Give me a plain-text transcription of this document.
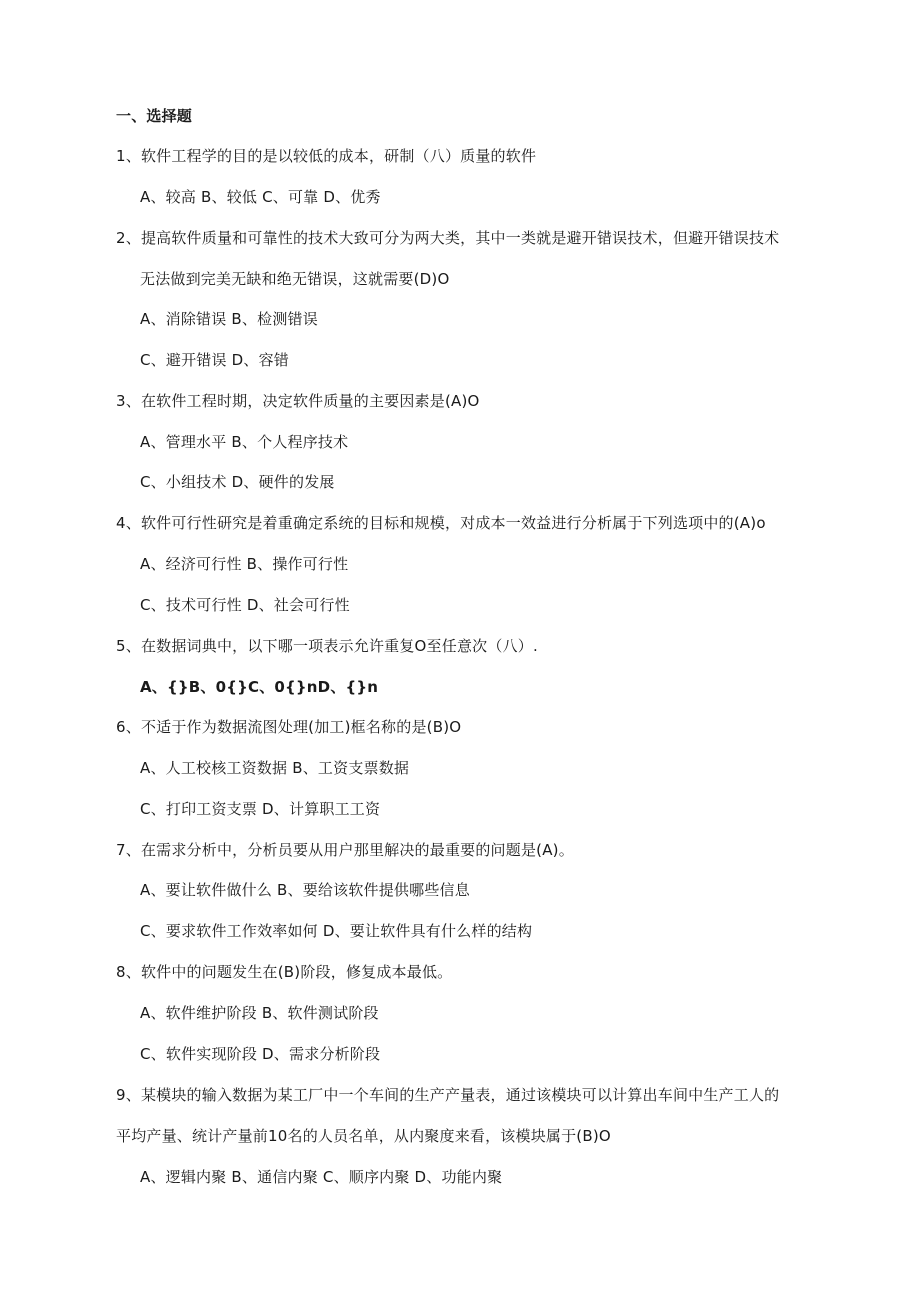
一、选择题
1、软件工程学的目的是以较低的成本，研制（八）质量的软件
A、较高 B、较低 C、可靠 D、优秀
2、提高软件质量和可靠性的技术大致可分为两大类，其中一类就是避开错误技术，但避开错误技术
无法做到完美无缺和绝无错误，这就需要(D)O
A、消除错误 B、检测错误
C、避开错误 D、容错
3、在软件工程时期，决定软件质量的主要因素是(A)O
A、管理水平 B、个人程序技术
C、小组技术 D、硬件的发展
4、软件可行性研究是着重确定系统的目标和规模，对成本一效益进行分析属于下列选项中的(A)o
A、经济可行性 B、操作可行性
C、技术可行性 D、社会可行性
5、在数据词典中，以下哪一项表示允许重复O至任意次（八）.
A、{}B、0{}C、0{}nD、{}n
6、不适于作为数据流图处理(加工)框名称的是(B)O
A、人工校核工资数据 B、工资支票数据
C、打印工资支票 D、计算职工工资
7、在需求分析中，分析员要从用户那里解决的最重要的问题是(A)。
A、要让软件做什么 B、要给该软件提供哪些信息
C、要求软件工作效率如何 D、要让软件具有什么样的结构
8、软件中的问题发生在(B)阶段，修复成本最低。
A、软件维护阶段 B、软件测试阶段
C、软件实现阶段 D、需求分析阶段
9、某模块的输入数据为某工厂中一个车间的生产产量表，通过该模块可以计算出车间中生产工人的
平均产量、统计产量前10名的人员名单，从内聚度来看，该模块属于(B)O
A、逻辑内聚 B、通信内聚 C、顺序内聚 D、功能内聚
